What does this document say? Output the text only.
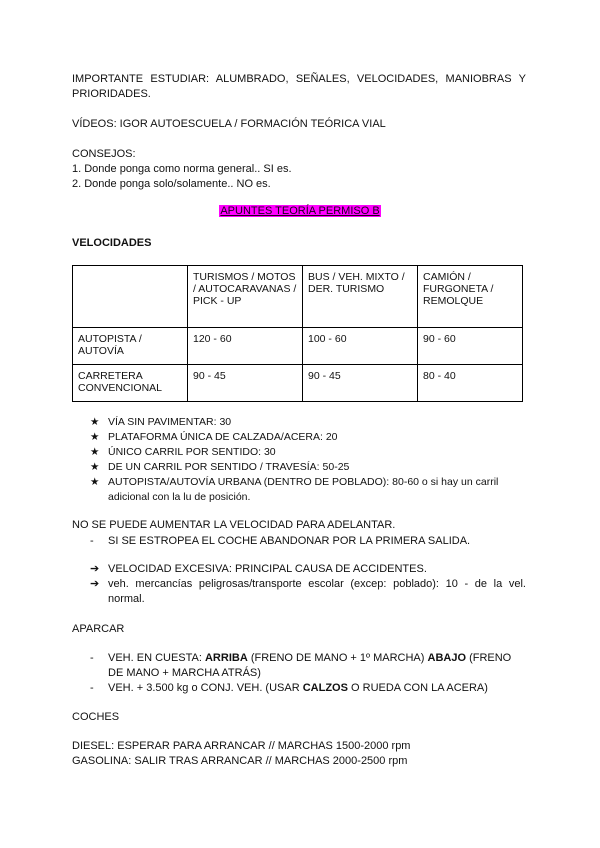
IMPORTANTE ESTUDIAR: ALUMBRADO, SEÑALES, VELOCIDADES, MANIOBRAS Y PRIORIDADES.
VÍDEOS: IGOR AUTOESCUELA / FORMACIÓN TEÓRICA VIAL
CONSEJOS:
1. Donde ponga como norma general.. SI es.
2. Donde ponga solo/solamente.. NO es.
APUNTES TEORÍA PERMISO B
VELOCIDADES
	TURISMOS / MOTOS / AUTOCARAVANAS / PICK - UP	BUS / VEH. MIXTO / DER. TURISMO	CAMIÓN / FURGONETA / REMOLQUE
AUTOPISTA / AUTOVÍA	120 - 60	100 - 60	90 - 60
CARRETERA CONVENCIONAL	90 - 45	90 - 45	80 - 40
★ VÍA SIN PAVIMENTAR: 30
★ PLATAFORMA ÚNICA DE CALZADA/ACERA: 20
★ ÚNICO CARRIL POR SENTIDO: 30
★ DE UN CARRIL POR SENTIDO / TRAVESÍA: 50-25
★ AUTOPISTA/AUTOVÍA URBANA (DENTRO DE POBLADO): 80-60 o si hay un carril adicional con la lu de posición.
NO SE PUEDE AUMENTAR LA VELOCIDAD PARA ADELANTAR.
-	SI SE ESTROPEA EL COCHE ABANDONAR POR LA PRIMERA SALIDA.
➔ VELOCIDAD EXCESIVA: PRINCIPAL CAUSA DE ACCIDENTES.
➔ veh. mercancías peligrosas/transporte escolar (excep: poblado): 10 - de la vel. normal.
APARCAR
-	VEH. EN CUESTA: ARRIBA (FRENO DE MANO + 1º MARCHA) ABAJO (FRENO DE MANO + MARCHA ATRÁS)
-	VEH. + 3.500 kg o CONJ. VEH. (USAR CALZOS O RUEDA CON LA ACERA)
COCHES
DIESEL: ESPERAR PARA ARRANCAR // MARCHAS 1500-2000 rpm
GASOLINA: SALIR TRAS ARRANCAR // MARCHAS 2000-2500 rpm
